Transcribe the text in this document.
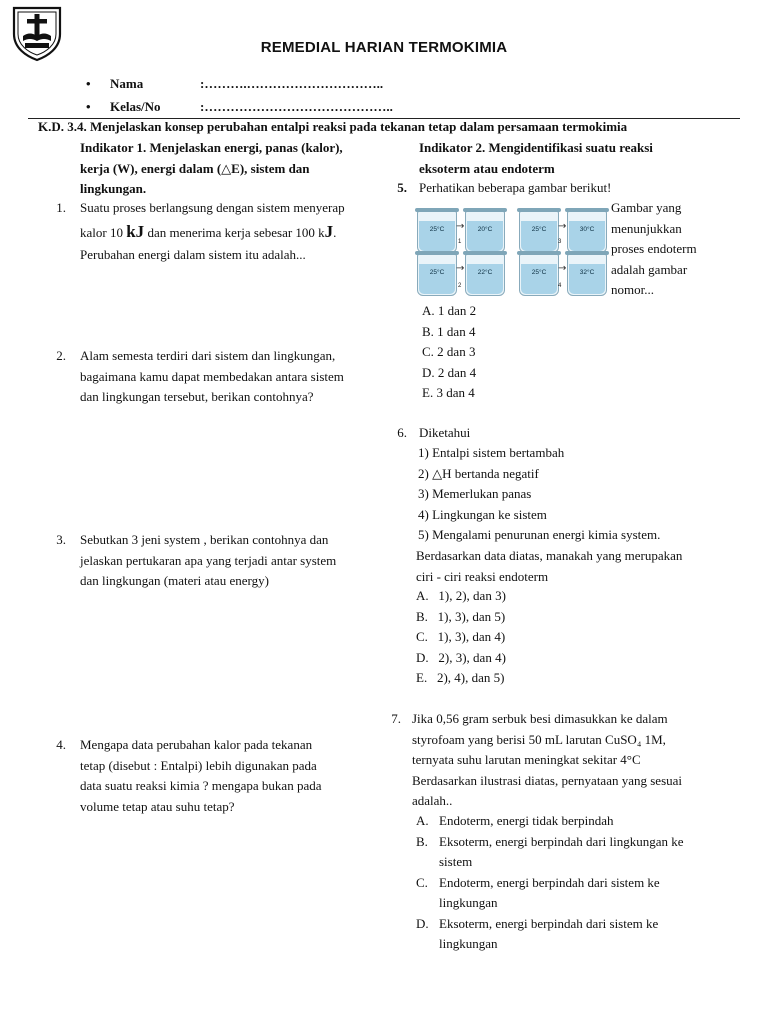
REMEDIAL HARIAN TERMOKIMIA
• Nama	:……….…………………………..
• Kelas/No	:……………………………………..
K.D. 3.4. Menjelaskan konsep perubahan entalpi reaksi pada tekanan tetap dalam persamaan termokimia
Indikator 1. Menjelaskan energi, panas (kalor),
kerja (W), energi dalam (△E), sistem dan
lingkungan.
1. Suatu proses berlangsung dengan sistem menyerap
kalor 10 kJ dan menerima kerja sebesar 100 kJ.
Perubahan energi dalam sistem itu adalah...
2. Alam semesta terdiri dari sistem dan lingkungan,
bagaimana kamu dapat membedakan antara sistem
dan lingkungan tersebut, berikan contohnya?
3. Sebutkan 3 jeni system , berikan contohnya dan
jelaskan pertukaran apa yang terjadi antar system
dan lingkungan (materi atau energy)
4. Mengapa data perubahan kalor pada tekanan
tetap (disebut : Entalpi) lebih digunakan pada
data suatu reaksi kimia ? mengapa bukan pada
volume tetap atau suhu tetap?
Indikator 2. Mengidentifikasi suatu reaksi
eksoterm atau endoterm
5. Perhatikan beberapa gambar berikut!
25°C	→	20°C
1
25°C	→	30°C
3
25°C	→	22°C
2
25°C	→	32°C
4
Gambar yang
menunjukkan
proses endoterm
adalah gambar
nomor...
A. 1 dan 2
B. 1 dan 4
C. 2 dan 3
D. 2 dan 4
E. 3 dan 4
6. Diketahui
1) Entalpi sistem bertambah
2) △H bertanda negatif
3) Memerlukan panas
4) Lingkungan ke sistem
5) Mengalami penurunan energi kimia system.
Berdasarkan data diatas, manakah yang merupakan
ciri - ciri reaksi endoterm
A.   1), 2), dan 3)
B.   1), 3), dan 5)
C.   1), 3), dan 4)
D.   2), 3), dan 4)
E.   2), 4), dan 5)
7. Jika 0,56 gram serbuk besi dimasukkan ke dalam
styrofoam yang berisi 50 mL larutan CuSO₄ 1M,
ternyata suhu larutan meningkat sekitar 4°C
Berdasarkan ilustrasi diatas, pernyataan yang sesuai
adalah..
A. Endoterm, energi tidak berpindah
B. Eksoterm, energi berpindah dari lingkungan ke
sistem
C. Endoterm, energi berpindah dari sistem ke
lingkungan
D. Eksoterm, energi berpindah dari sistem ke
lingkungan
